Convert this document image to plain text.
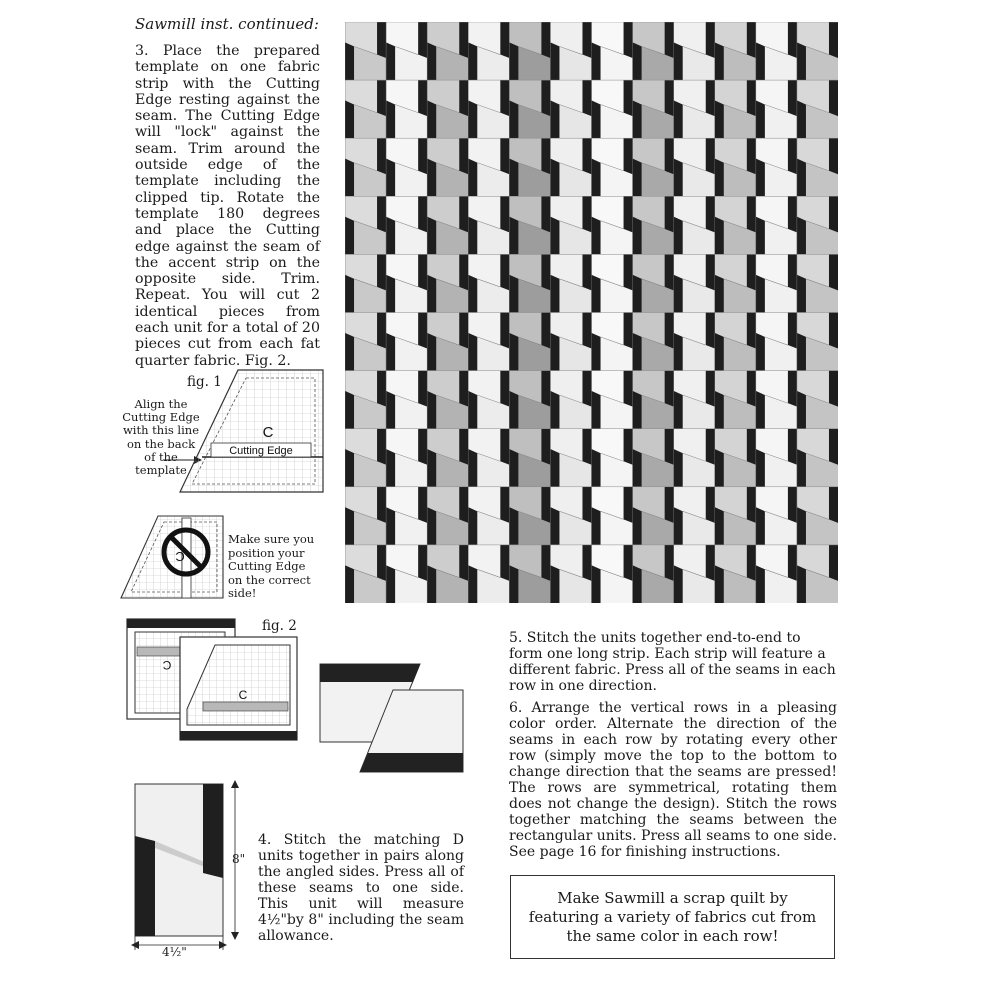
Sawmill inst. continued:
3. Place the prepared template on one fabric strip with the Cutting Edge resting against the seam. The Cutting Edge will "lock" against the seam. Trim around the outside edge of the template including the clipped tip. Rotate the template 180 degrees and place the Cutting edge against the seam of the accent strip on the opposite side. Trim. Repeat. You will cut 2 identical pieces from each unit for a total of 20 pieces cut from each fat quarter fabric. Fig. 2.
fig. 1
Align the Cutting Edge with this line on the back of the template
Cutting Edge
C
C
Make sure you position your Cutting Edge on the correct side!
fig. 2
C
C
8"
4½"
4. Stitch the matching D units together in pairs along the angled sides. Press all of these seams to one side. This unit will measure 4½"by 8" including the seam allowance.
5. Stitch the units together end-to-end to form one long strip. Each strip will feature a different fabric. Press all of the seams in each row in one direction.
6. Arrange the vertical rows in a pleasing color order. Alternate the direction of the seams in each row by rotating every other row (simply move the top to the bottom to change direction that the seams are pressed! The rows are symmetrical, rotating them does not change the design). Stitch the rows together matching the seams between the rectangular units. Press all seams to one side. See page 16 for finishing instructions.
Make Sawmill a scrap quilt by featuring a variety of fabrics cut from the same color in each row!
